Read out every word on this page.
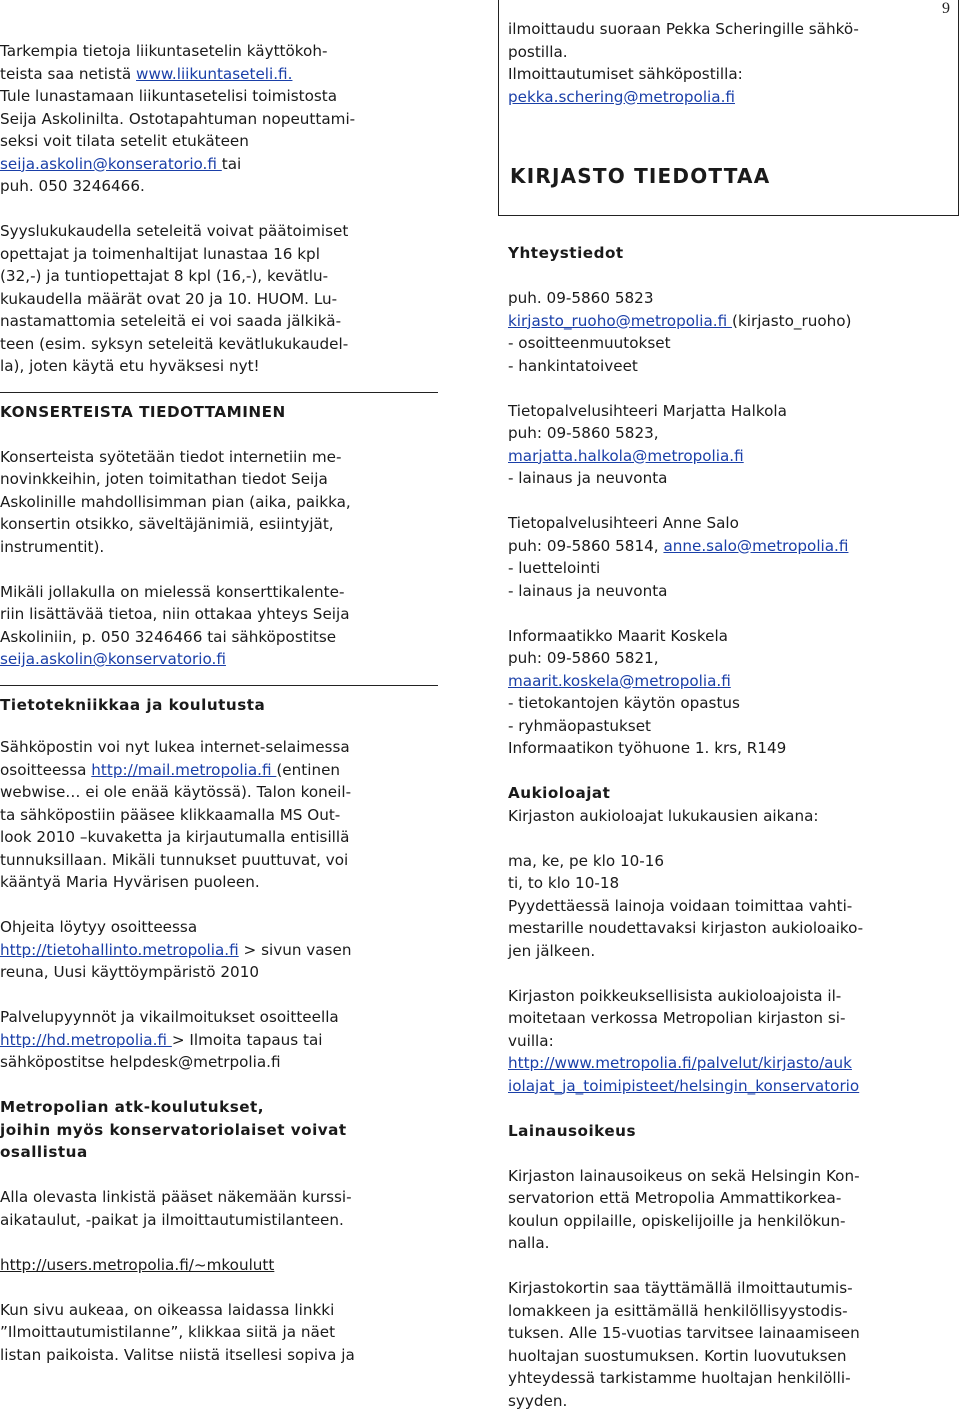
9

Tarkempia tietoja liikuntasetelin käyttökoh-

teista saa netistä www.liikuntaseteli.fi.

Tule lunastamaan liikuntasetelisi toimistosta

Seija Askolinilta. Ostotapahtuman nopeuttami-

seksi voit tilata setelit etukäteen

seija.askolin@konseratorio.fi tai

puh. 050 3246466.

Syyslukukaudella seteleitä voivat päätoimiset

opettajat ja toimenhaltijat lunastaa 16 kpl

(32,-) ja tuntiopettajat 8 kpl (16,-), kevätlu-

kukaudella määrät ovat 20 ja 10. HUOM. Lu-

nastamattomia seteleitä ei voi saada jälkikä-

teen (esim. syksyn seteleitä kevätlukukaudel-

la), joten käytä etu hyväksesi nyt!

KONSERTEISTA TIEDOTTAMINEN

Konserteista syötetään tiedot internetiin me-

novinkkeihin, joten toimitathan tiedot Seija

Askolinille mahdollisimman pian (aika, paikka,

konsertin otsikko, säveltäjänimiä, esiintyjät,

instrumentit).

Mikäli jollakulla on mielessä konserttikalente-

riin lisättävää tietoa, niin ottakaa yhteys Seija

Askoliniin, p. 050 3246466 tai sähköpostitse

seija.askolin@konservatorio.fi

Tietotekniikkaa ja koulutusta

Sähköpostin voi nyt lukea internet-selaimessa

osoitteessa http://mail.metropolia.fi (entinen

webwise… ei ole enää käytössä). Talon koneil-

ta sähköpostiin pääsee klikkaamalla MS Out-

look 2010 –kuvaketta ja kirjautumalla entisillä

tunnuksillaan. Mikäli tunnukset puuttuvat, voi

kääntyä Maria Hyvärisen puoleen.

Ohjeita löytyy osoitteessa

http://tietohallinto.metropolia.fi > sivun vasen

reuna, Uusi käyttöympäristö 2010

Palvelupyynnöt ja vikailmoitukset osoitteella

http://hd.metropolia.fi > Ilmoita tapaus tai

sähköpostitse helpdesk@metrpolia.fi

Metropolian atk-koulutukset,

joihin myös konservatoriolaiset voivat

osallistua

Alla olevasta linkistä pääset näkemään kurssi-

aikataulut, -paikat ja ilmoittautumistilanteen.

http://users.metropolia.fi/~mkoulutt

Kun sivu aukeaa, on oikeassa laidassa linkki

”Ilmoittautumistilanne”, klikkaa siitä ja näet

listan paikoista. Valitse niistä itsellesi sopiva ja

ilmoittaudu suoraan Pekka Scheringille sähkö-

postilla.

Ilmoittautumiset sähköpostilla:

pekka.schering@metropolia.fi

KIRJASTO TIEDOTTAA

Yhteystiedot

puh. 09-5860 5823

kirjasto_ruoho@metropolia.fi (kirjasto_ruoho)

- osoitteenmuutokset

- hankintatoiveet

Tietopalvelusihteeri Marjatta Halkola

puh: 09-5860 5823,

marjatta.halkola@metropolia.fi

- lainaus ja neuvonta

Tietopalvelusihteeri Anne Salo

puh: 09-5860 5814, anne.salo@metropolia.fi

- luettelointi

- lainaus ja neuvonta

Informaatikko Maarit Koskela

puh: 09-5860 5821,

maarit.koskela@metropolia.fi

- tietokantojen käytön opastus

- ryhmäopastukset

Informaatikon työhuone 1. krs, R149

Aukioloajat

Kirjaston aukioloajat lukukausien aikana:

ma, ke, pe klo 10-16

ti, to klo 10-18

Pyydettäessä lainoja voidaan toimittaa vahti-

mestarille noudettavaksi kirjaston aukioloaiko-

jen jälkeen.

Kirjaston poikkeuksellisista aukioloajoista il-

moitetaan verkossa Metropolian kirjaston si-

vuilla:

http://www.metropolia.fi/palvelut/kirjasto/auk

iolajat_ja_toimipisteet/helsingin_konservatorio

Lainausoikeus

Kirjaston lainausoikeus on sekä Helsingin Kon-

servatorion että Metropolia Ammattikorkea-

koulun oppilaille, opiskelijoille ja henkilökun-

nalla.

Kirjastokortin saa täyttämällä ilmoittautumis-

lomakkeen ja esittämällä henkilöllisyystodis-

tuksen. Alle 15-vuotias tarvitsee lainaamiseen

huoltajan suostumuksen. Kortin luovutuksen

yhteydessä tarkistamme huoltajan henkilölli-

syyden.
